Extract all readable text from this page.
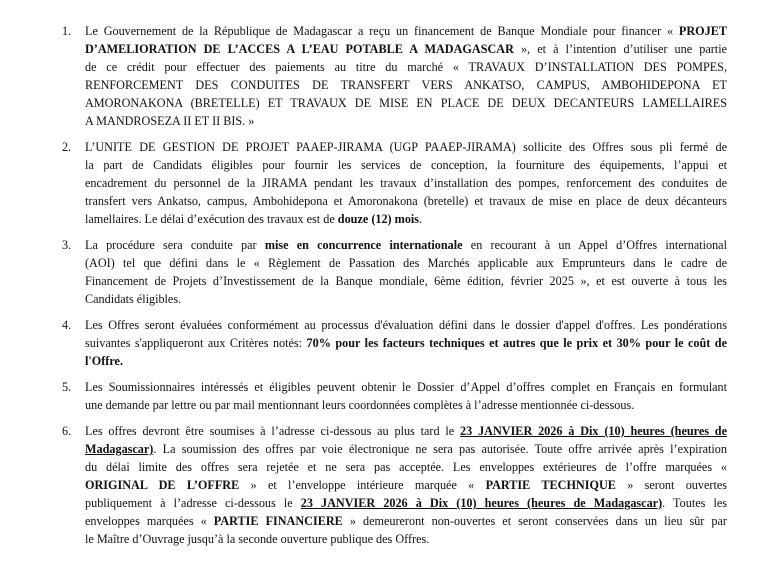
1.	Le Gouvernement de la République de Madagascar a reçu un financement de Banque Mondiale pour financer « PROJET
D’AMELIORATION DE L’ACCES A L’EAU POTABLE A MADAGASCAR », et à l’intention d’utiliser une partie
de ce crédit pour effectuer des paiements au titre du marché « TRAVAUX D’INSTALLATION DES POMPES,
RENFORCEMENT DES CONDUITES DE TRANSFERT VERS ANKATSO, CAMPUS, AMBOHIDEPONA ET
AMORONAKONA (BRETELLE) ET TRAVAUX DE MISE EN PLACE DE DEUX DECANTEURS LAMELLAIRES
A MANDROSEZA II ET II BIS. »
2.	L’UNITE DE GESTION DE PROJET PAAEP-JIRAMA (UGP PAAEP-JIRAMA) sollicite des Offres sous pli fermé de
la part de Candidats éligibles pour fournir les services de conception, la fourniture des équipements, l’appui et
encadrement du personnel de la JIRAMA pendant les travaux d’installation des pompes, renforcement des conduites de
transfert vers Ankatso, campus, Ambohidepona et Amoronakona (bretelle) et travaux de mise en place de deux décanteurs
lamellaires. Le délai d’exécution des travaux est de douze (12) mois.
3.	La procédure sera conduite par mise en concurrence internationale en recourant à un Appel d’Offres international
(AOI) tel que défini dans le « Règlement de Passation des Marchés applicable aux Emprunteurs dans le cadre de
Financement de Projets d’Investissement de la Banque mondiale, 6ème édition, février 2025 », et est ouverte à tous les
Candidats éligibles.
4.	Les Offres seront évaluées conformément au processus d'évaluation défini dans le dossier d'appel d'offres. Les pondérations
suivantes s'appliqueront aux Critères notés: 70% pour les facteurs techniques et autres que le prix et 30% pour le coût de
l'Offre.
5.	Les Soumissionnaires intéressés et éligibles peuvent obtenir le Dossier d’Appel d’offres complet en Français en formulant
une demande par lettre ou par mail mentionnant leurs coordonnées complètes à l’adresse mentionnée ci-dessous.
6.	Les offres devront être soumises à l’adresse ci-dessous au plus tard le 23 JANVIER 2026 à Dix (10) heures (heures de
Madagascar). La soumission des offres par voie électronique ne sera pas autorisée. Toute offre arrivée après l’expiration
du délai limite des offres sera rejetée et ne sera pas acceptée. Les enveloppes extérieures de l’offre marquées «
ORIGINAL DE L’OFFRE » et l’enveloppe intérieure marquée « PARTIE TECHNIQUE » seront ouvertes
publiquement à l’adresse ci-dessous le 23 JANVIER 2026 à Dix (10) heures (heures de Madagascar). Toutes les
enveloppes marquées « PARTIE FINANCIERE » demeureront non-ouvertes et seront conservées dans un lieu sûr par
le Maître d’Ouvrage jusqu’à la seconde ouverture publique des Offres.
